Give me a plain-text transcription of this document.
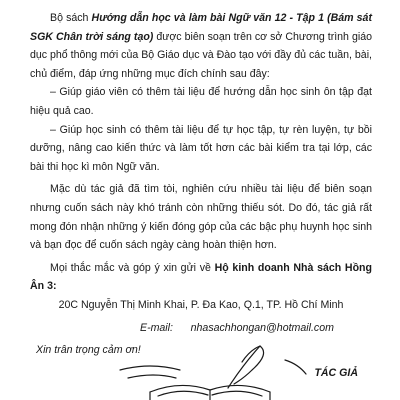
Bộ sách Hướng dẫn học và làm bài Ngữ văn 12 - Tập 1 (Bám sát SGK Chân trời sáng tạo) được biên soạn trên cơ sở Chương trình giáo dục phổ thông mới của Bộ Giáo dục và Đào tạo với đầy đủ các tuần, bài, chủ điểm, đáp ứng những mục đích chính sau đây:

– Giúp giáo viên có thêm tài liệu để hướng dẫn học sinh ôn tập đạt hiệu quả cao.

– Giúp học sinh có thêm tài liệu để tự học tập, tự rèn luyện, tự bồi dưỡng, nâng cao kiến thức và làm tốt hơn các bài kiểm tra tại lớp, các bài thi học kì môn Ngữ văn.

Mặc dù tác giả đã tìm tòi, nghiên cứu nhiều tài liệu để biên soạn nhưng cuốn sách này khó tránh còn những thiếu sót. Do đó, tác giả rất mong đón nhận những ý kiến đóng góp của các bậc phụ huynh học sinh và bạn đọc để cuốn sách ngày càng hoàn thiện hơn.

Mọi thắc mắc và góp ý xin gửi về Hộ kinh doanh Nhà sách Hồng Ân 3:

20C Nguyễn Thị Minh Khai, P. Đa Kao, Q.1, TP. Hồ Chí Minh

E-mail: nhasachhongan@hotmail.com

Xin trân trọng cảm ơn!

TÁC GIẢ
